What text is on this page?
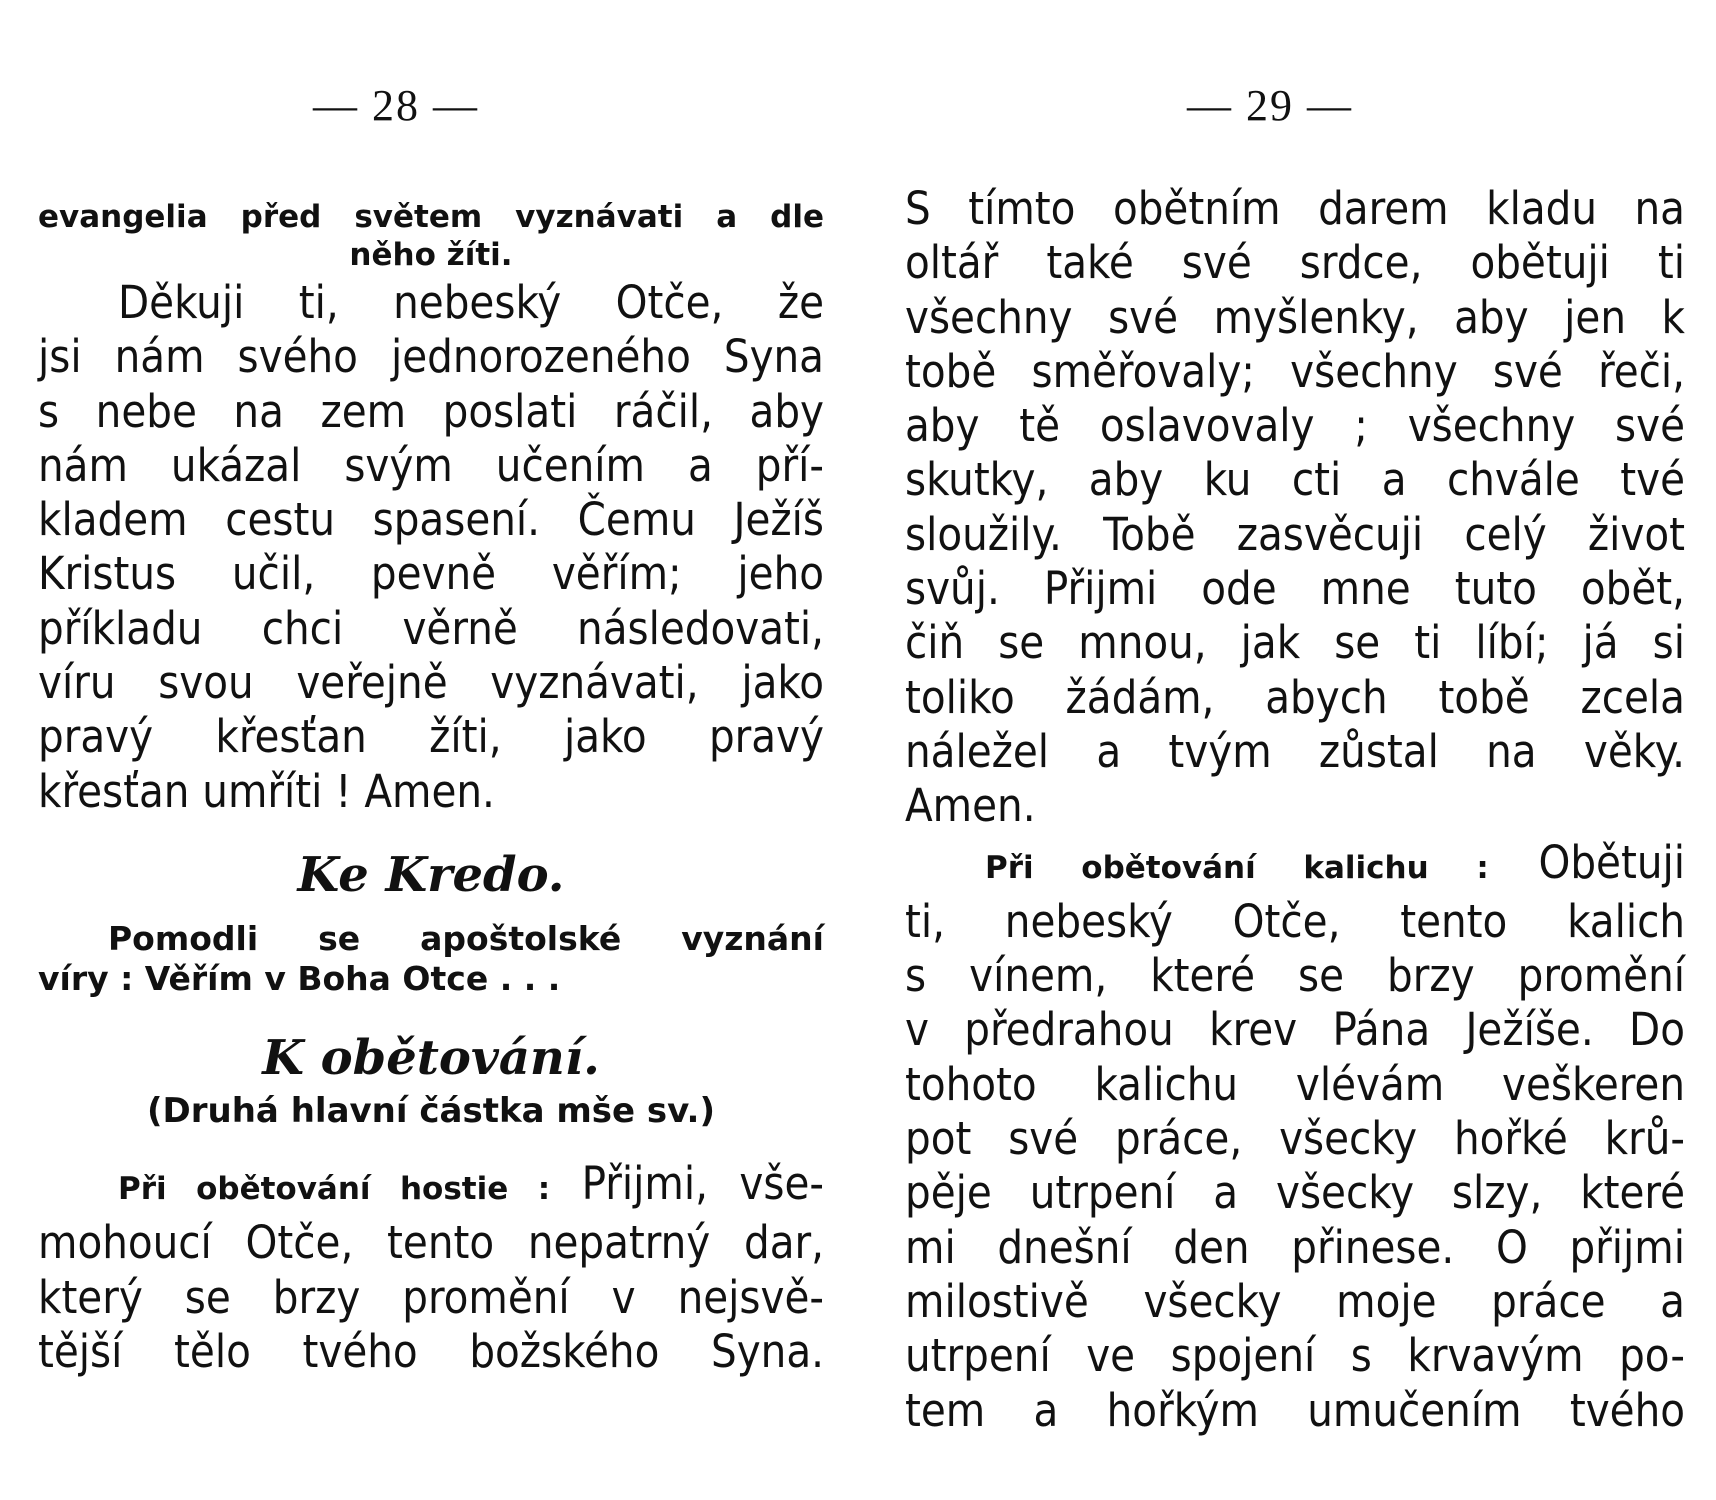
— 28 —
evangelia před světem vyznávati a dle
něho žíti.
Děkuji ti, nebeský Otče, že
jsi nám svého jednorozeného Syna
s nebe na zem poslati ráčil, aby
nám ukázal svým učením a pří-
kladem cestu spasení. Čemu Ježíš
Kristus učil, pevně věřím; jeho
příkladu chci věrně následovati,
víru svou veřejně vyznávati, jako
pravý křesťan žíti, jako pravý
křesťan umříti ! Amen.
Ke Kredo.
Pomodli se apoštolské vyznání
víry : Věřím v Boha Otce . . .
K obětování.
(Druhá hlavní částka mše sv.)
Při obětování hostie : Přijmi, vše-
mohoucí Otče, tento nepatrný dar,
který se brzy promění v nejsvě-
tější tělo tvého božského Syna.
— 29 —
S tímto obětním darem kladu na
oltář také své srdce, obětuji ti
všechny své myšlenky, aby jen k
tobě směřovaly; všechny své řeči,
aby tě oslavovaly ; všechny své
skutky, aby ku cti a chvále tvé
sloužily. Tobě zasvěcuji celý život
svůj. Přijmi ode mne tuto obět,
čiň se mnou, jak se ti líbí; já si
toliko žádám, abych tobě zcela
náležel a tvým zůstal na věky.
Amen.
Při obětování kalichu : Obětuji
ti, nebeský Otče, tento kalich
s vínem, které se brzy promění
v předrahou krev Pána Ježíše. Do
tohoto kalichu vlévám veškeren
pot své práce, všecky hořké krů-
pěje utrpení a všecky slzy, které
mi dnešní den přinese. O přijmi
milostivě všecky moje práce a
utrpení ve spojení s krvavým po-
tem a hořkým umučením tvého
